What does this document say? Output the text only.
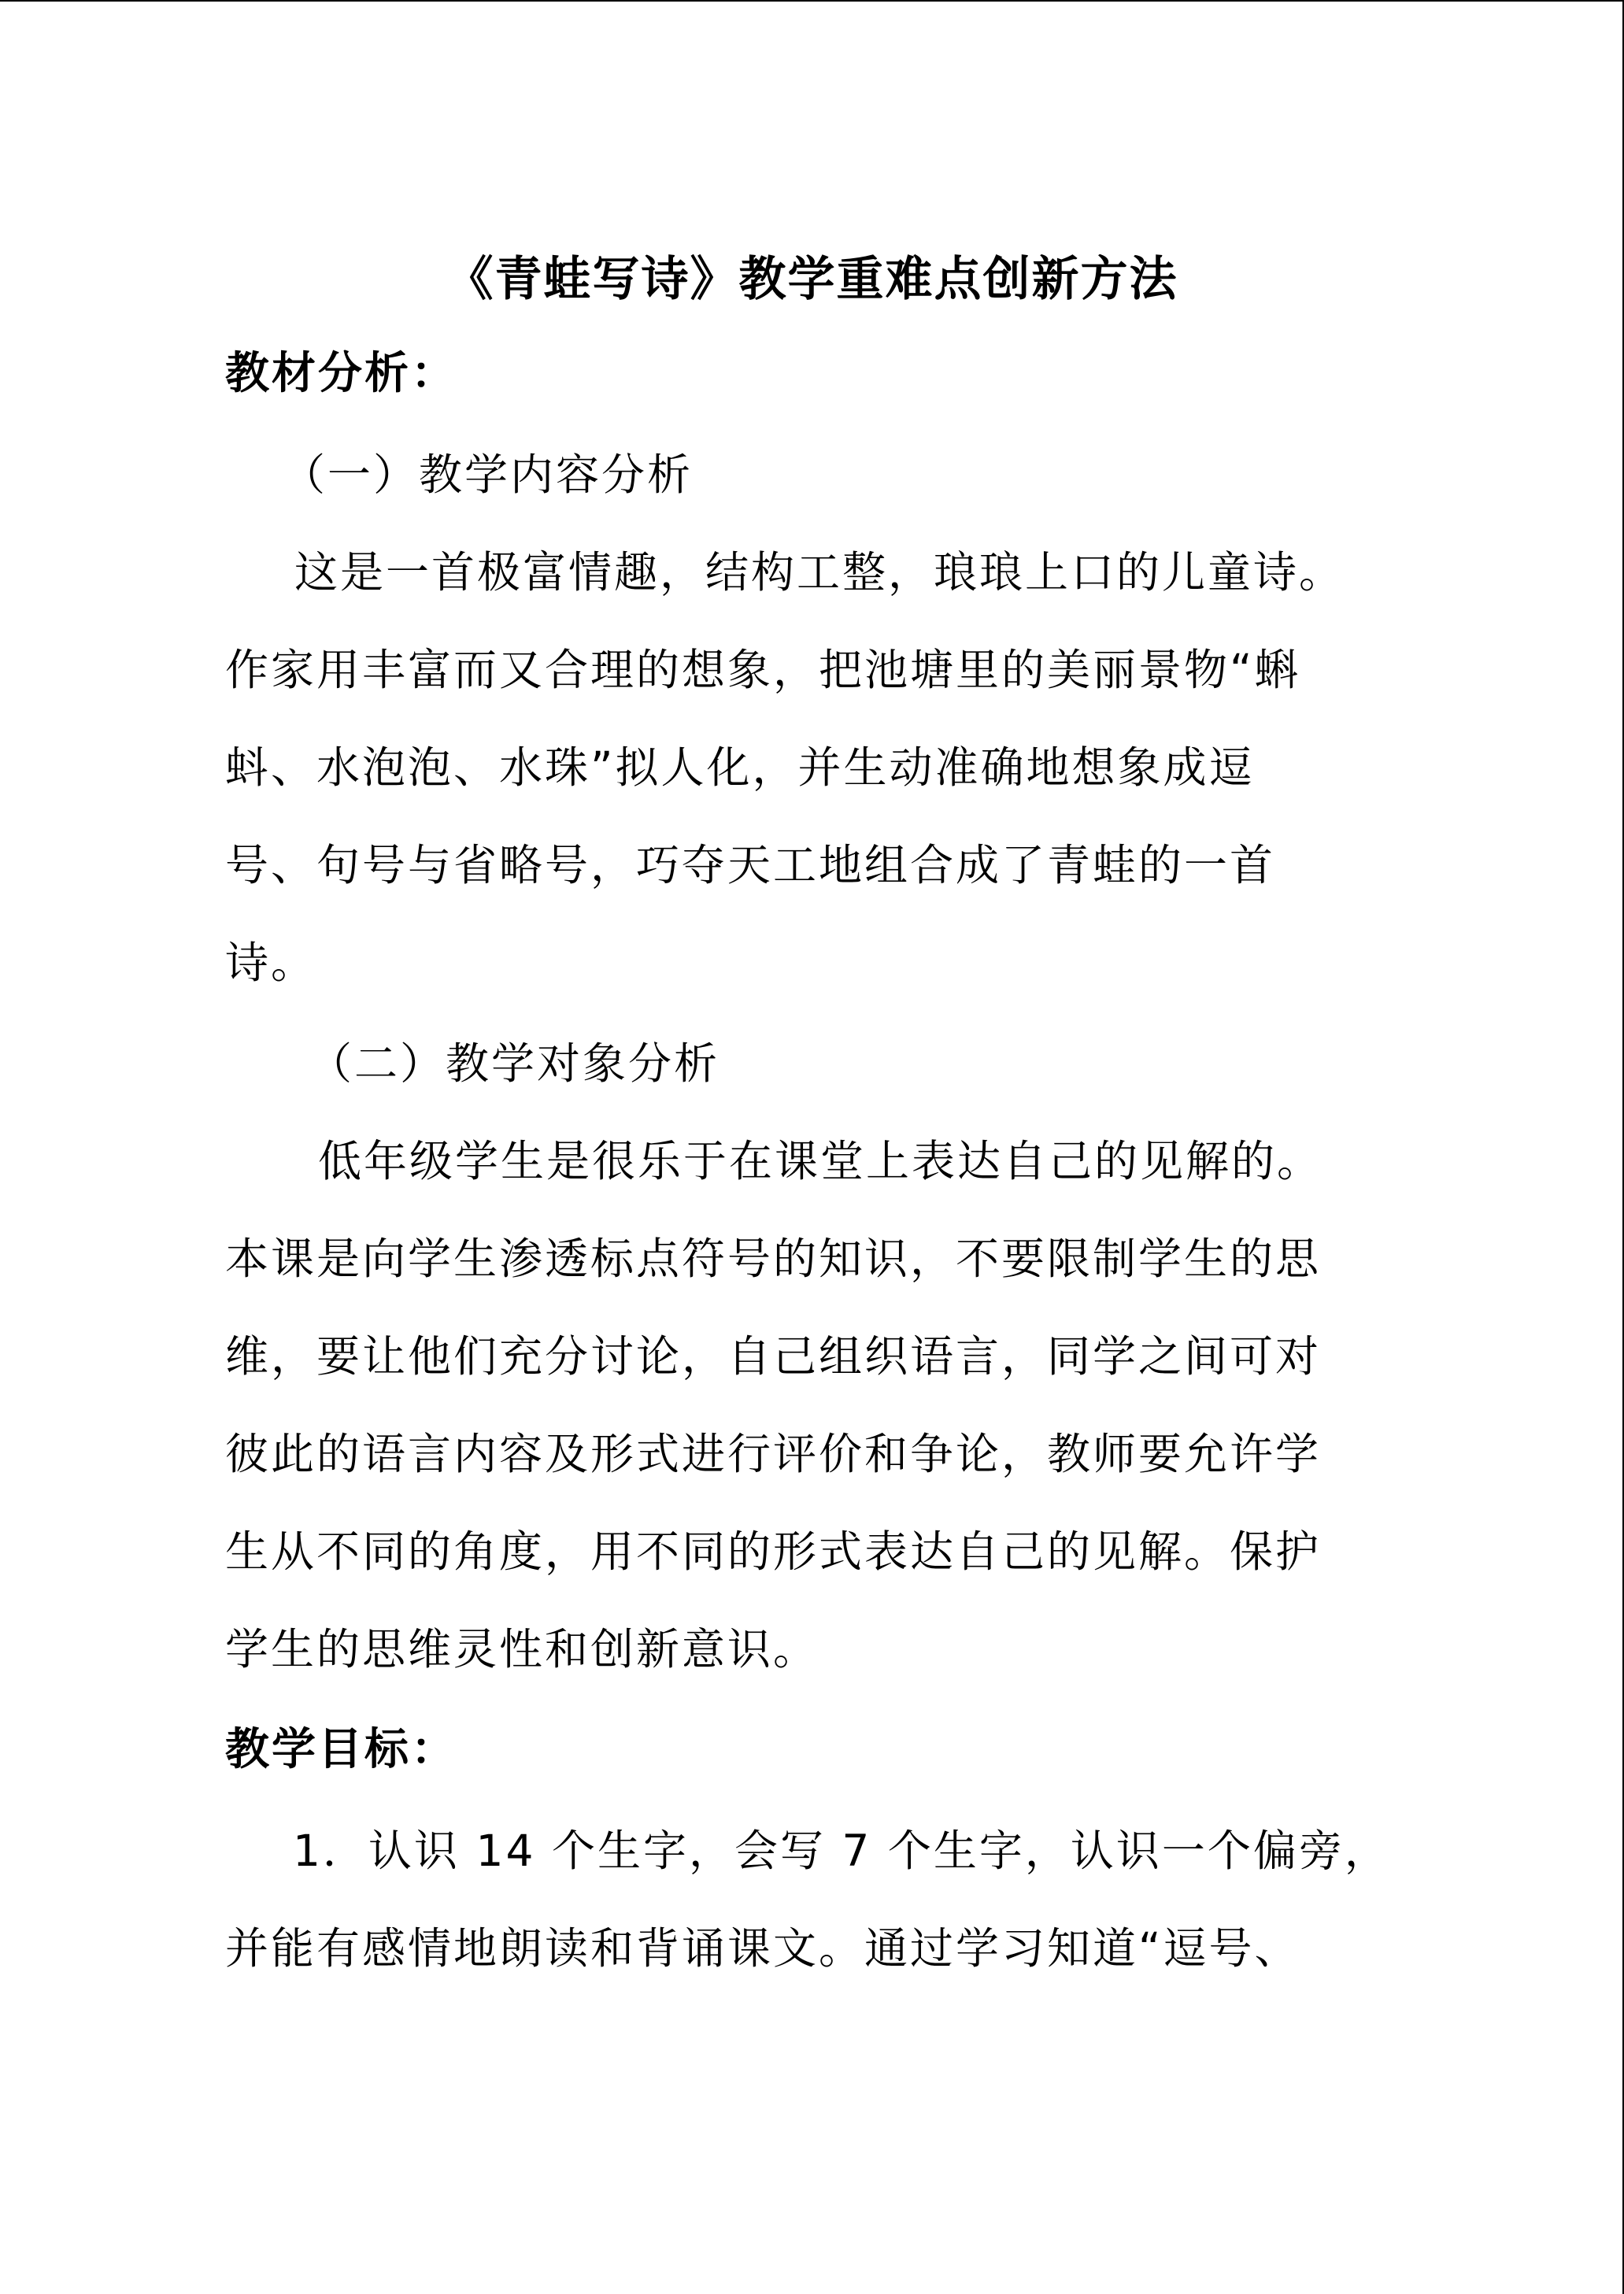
《青蛙写诗》教学重难点创新方法

教材分析：

（一）教学内容分析

这是一首极富情趣，结构工整，琅琅上口的儿童诗。

作家用丰富而又合理的想象，把池塘里的美丽景物“蝌

蚪、水泡泡、水珠”拟人化，并生动准确地想象成逗

号、句号与省略号，巧夺天工地组合成了青蛙的一首

诗。

（二）教学对象分析

低年级学生是很乐于在课堂上表达自己的见解的。

本课是向学生渗透标点符号的知识，不要限制学生的思

维，要让他们充分讨论，自己组织语言，同学之间可对

彼此的语言内容及形式进行评价和争论，教师要允许学

生从不同的角度，用不同的形式表达自己的见解。保护

学生的思维灵性和创新意识。

教学目标：

1．认识 14 个生字，会写 7 个生字，认识一个偏旁，

并能有感情地朗读和背诵课文。通过学习知道“逗号、
